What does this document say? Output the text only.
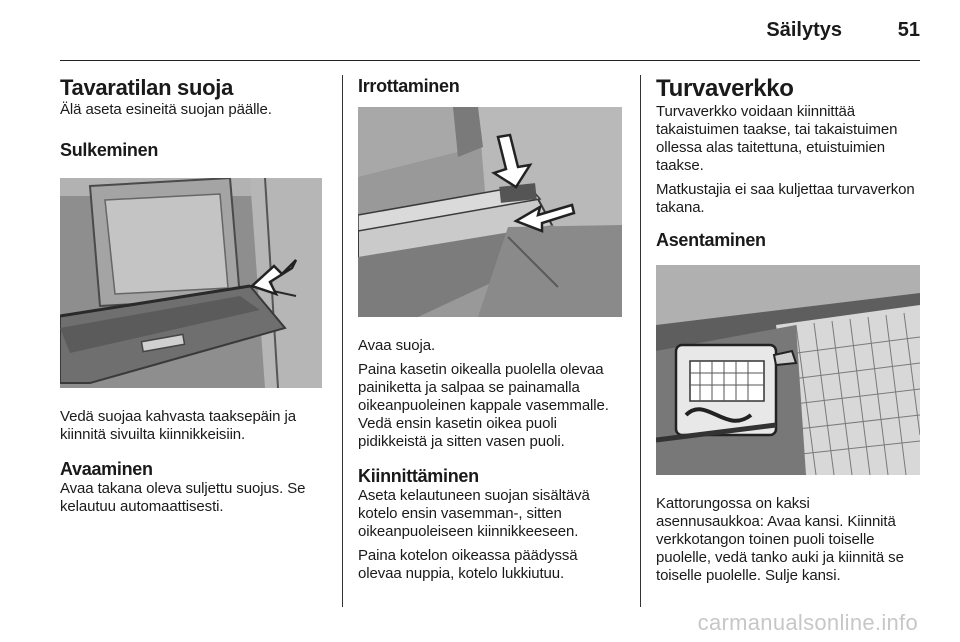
Säilytys	51
Tavaratilan suoja

Älä aseta esineitä suojan päälle.

Sulkeminen

Vedä suojaa kahvasta taaksepäin ja kiinnitä sivuilta kiinnikkeisiin.

Avaaminen

Avaa takana oleva suljettu suojus. Se kelautuu automaattisesti.

Irrottaminen

Avaa suoja.

Paina kasetin oikealla puolella olevaa painiketta ja salpaa se painamalla oikeanpuoleinen kappale vasemmalle. Vedä ensin kasetin oikea puoli pidikkeistä ja sitten vasen puoli.

Kiinnittäminen

Aseta kelautuneen suojan sisältävä kotelo ensin vasemman-, sitten oikeanpuoleiseen kiinnikkeeseen.

Paina kotelon oikeassa päädyssä olevaa nuppia, kotelo lukkiutuu.

Turvaverkko

Turvaverkko voidaan kiinnittää takaistuimen taakse, tai takaistuimen ollessa alas taitettuna, etuistuimien taakse.

Matkustajia ei saa kuljettaa turvaverkon takana.

Asentaminen

Kattorungossa on kaksi asennusaukkoa: Avaa kansi. Kiinnitä verkkotangon toinen puoli toiselle puolelle, vedä tanko auki ja kiinnitä se toiselle puolelle. Sulje kansi.

carmanualsonline.info
